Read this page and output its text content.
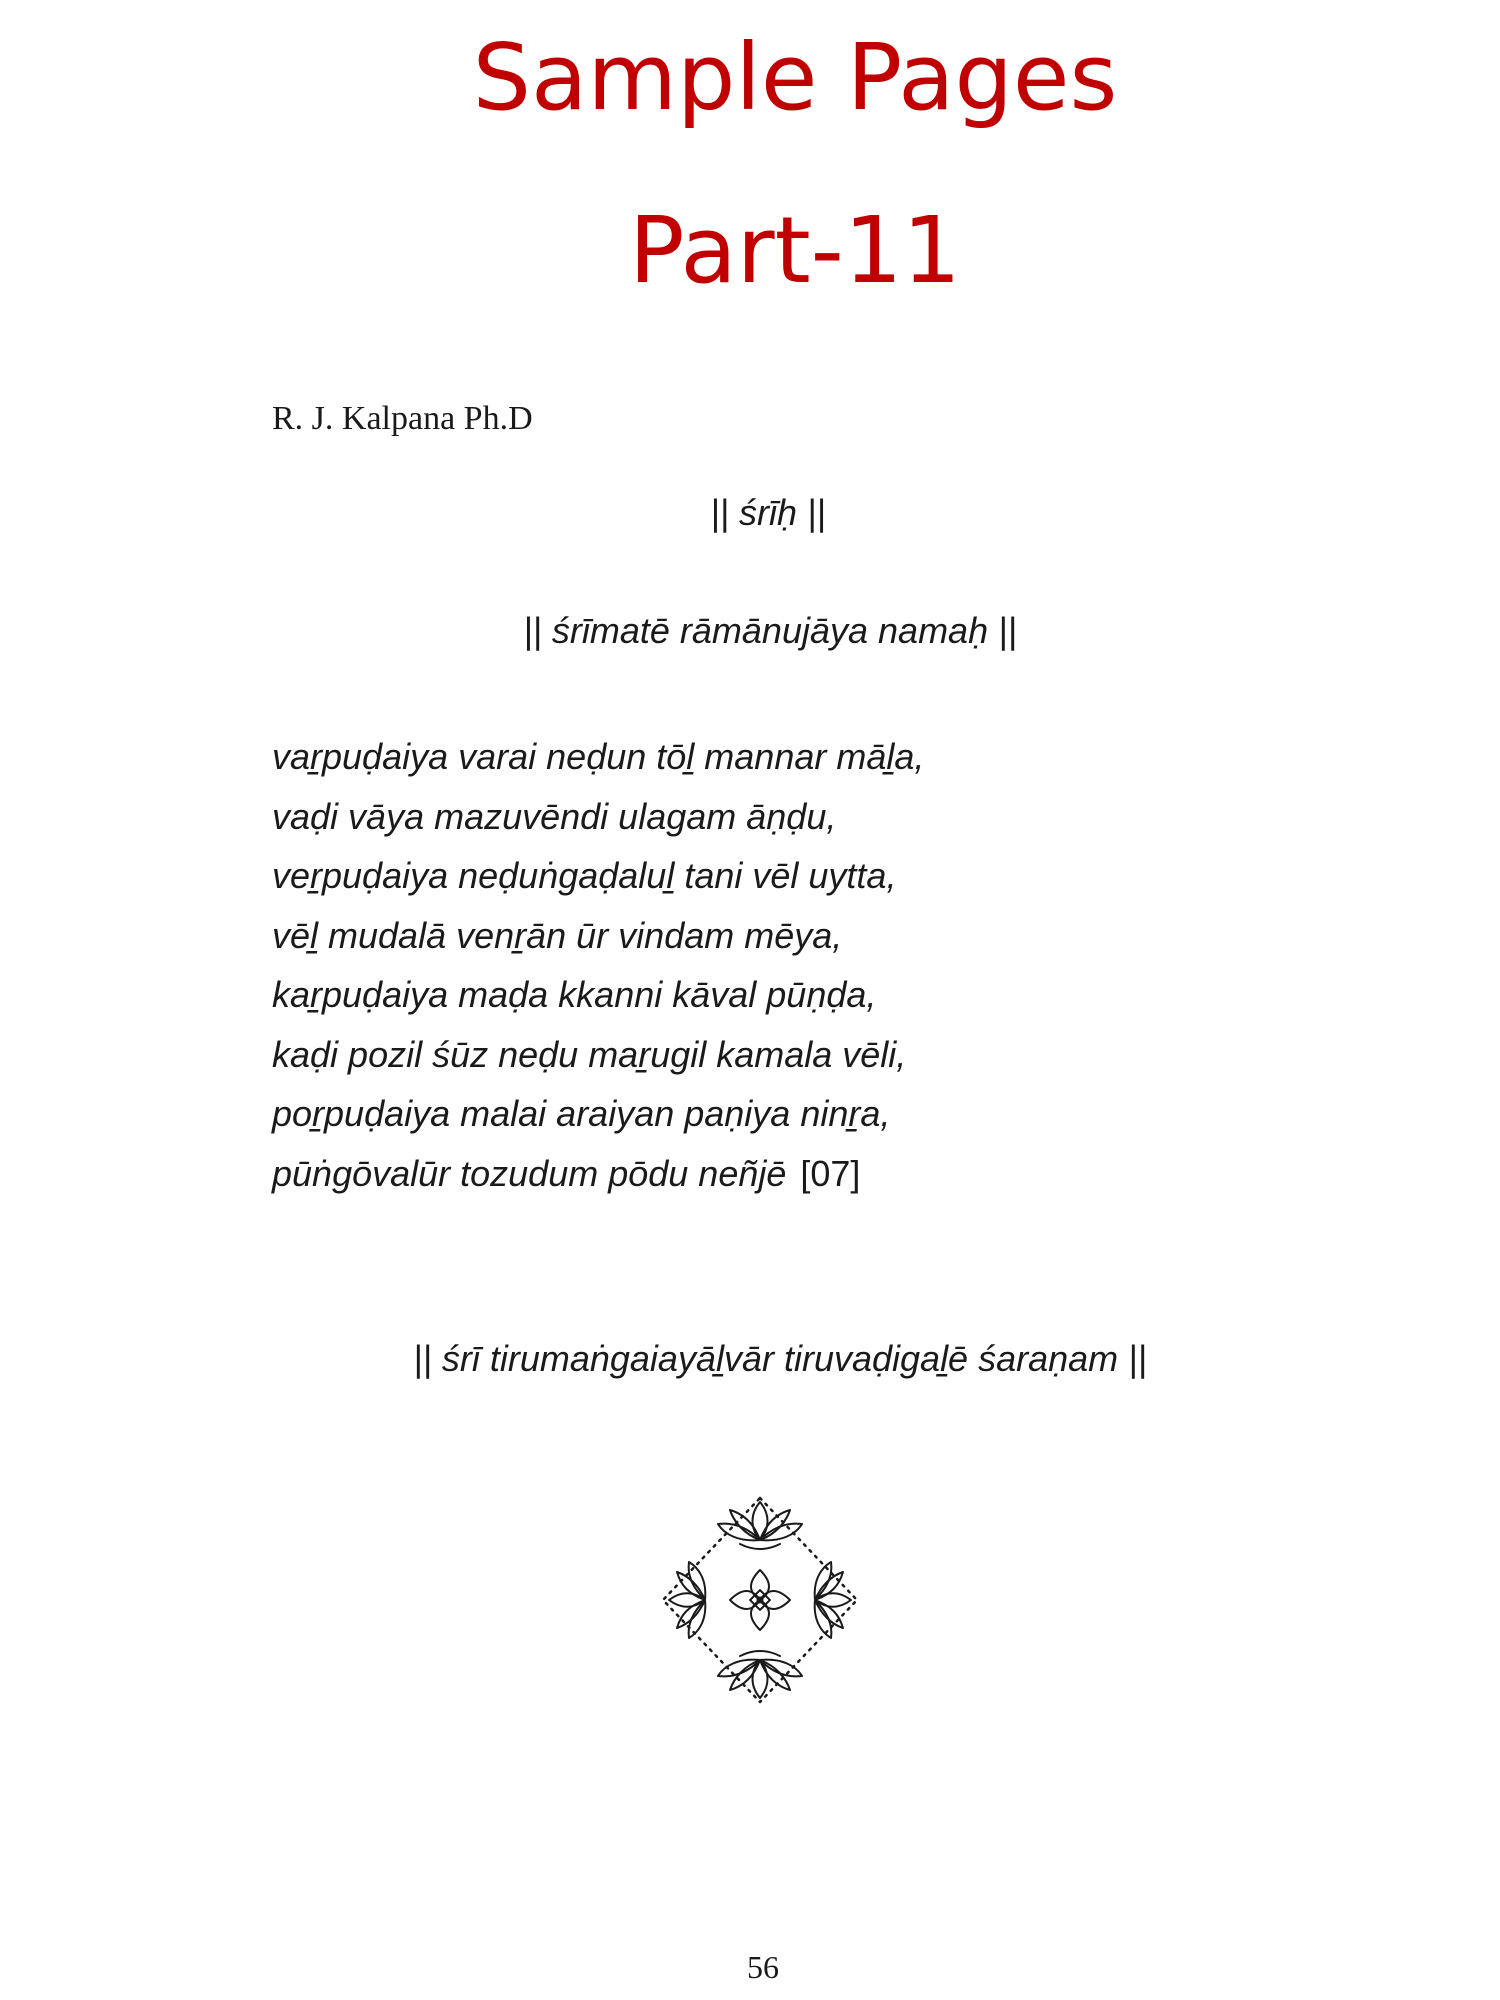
Sample Pages
Part-11
R. J. Kalpana Ph.D
|| śrīḥ ||
|| śrīmatē rāmānujāya namaḥ ||
vaṟpuḍaiya varai neḍun tōḻ mannar māḻa,
vaḍi vāya mazuvēndi ulagam āṇḍu,
veṟpuḍaiya neḍuṅgaḍaluḻ tani vēl uytta,
vēḻ mudalā venṟān ūr vindam mēya,
kaṟpuḍaiya maḍa kkanni kāval pūṇḍa,
kaḍi pozil śūz neḍu maṟugil kamala vēli,
poṟpuḍaiya malai araiyan paṇiya ninṟa,
pūṅgōvalūr tozudum pōdu neñjē [07]
|| śrī tirumaṅgaiayāḻvār tiruvaḍigaḻē śaraṇam ||
56
